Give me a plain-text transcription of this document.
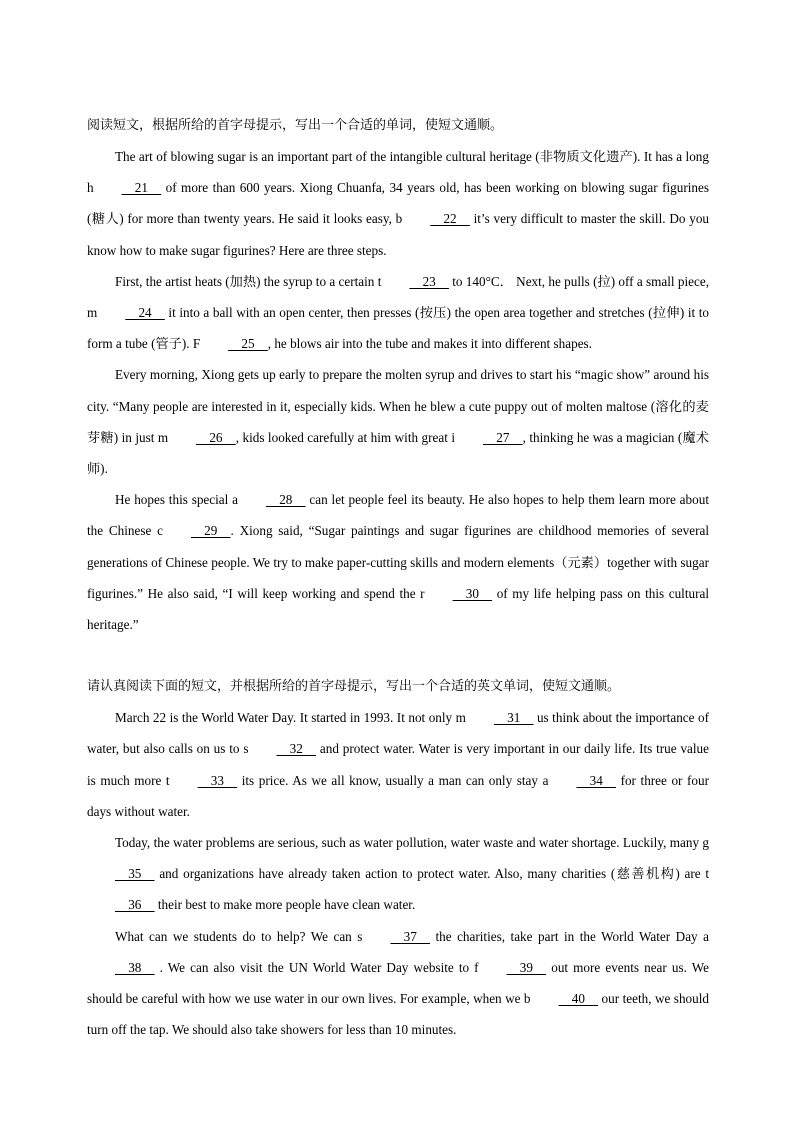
阅读短文，根据所给的首字母提示，写出一个合适的单词，使短文通顺。

The art of blowing sugar is an important part of the intangible cultural heritage (非物质文化遗产). It has a long h    21     of more than 600 years. Xiong Chuanfa, 34 years old, has been working on blowing sugar figurines (糖人) for more than twenty years. He said it looks easy, b    22     it’s very difficult to master the skill. Do you know how to make sugar figurines? Here are three steps.

First, the artist heats (加热) the syrup to a certain t    23     to 140°C． Next, he pulls (拉) off a small piece, m    24     it into a ball with an open center, then presses (按压) the open area together and stretches (拉伸) it to form a tube (管子). F    25    , he blows air into the tube and makes it into different shapes.

Every morning, Xiong gets up early to prepare the molten syrup and drives to start his “magic show” around his city. “Many people are interested in it, especially kids. When he blew a cute puppy out of molten maltose (溶化的麦芽糖) in just m    26    , kids looked carefully at him with great i    27    , thinking he was a magician (魔术师).

He hopes this special a    28     can let people feel its beauty. He also hopes to help them learn more about the Chinese c    29    . Xiong said, “Sugar paintings and sugar figurines are childhood memories of several generations of Chinese people. We try to make paper-cutting skills and modern elements（元素）together with sugar figurines.” He also said, “I will keep working and spend the r    30     of my life helping pass on this cultural heritage.”

请认真阅读下面的短文，并根据所给的首字母提示，写出一个合适的英文单词，使短文通顺。

March 22 is the World Water Day. It started in 1993. It not only m    31     us think about the importance of water, but also calls on us to s    32     and protect water. Water is very important in our daily life. Its true value is much more t    33     its price. As we all know, usually a man can only stay a    34     for three or four days without water.

Today, the water problems are serious, such as water pollution, water waste and water shortage. Luckily, many g    35     and organizations have already taken action to protect water. Also, many charities (慈善机构) are t    36     their best to make more people have clean water.

What can we students do to help? We can s    37     the charities, take part in the World Water Day a    38     . We can also visit the UN World Water Day website to f    39     out more events near us. We should be careful with how we use water in our own lives. For example, when we b    40     our teeth, we should turn off the tap. We should also take showers for less than 10 minutes.
